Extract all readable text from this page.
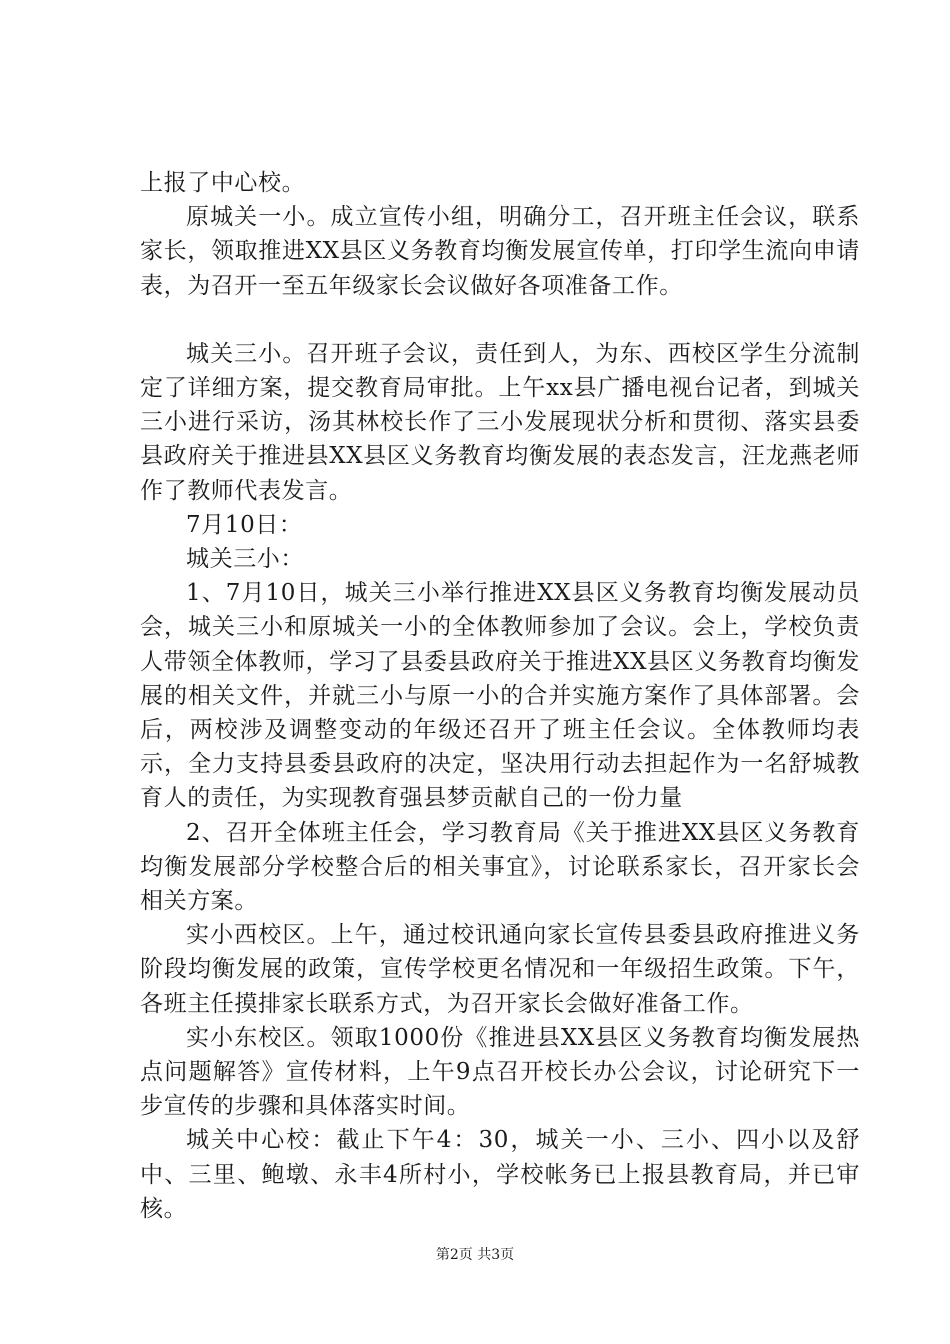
上报了中心校。

原城关一小。成立宣传小组，明确分工，召开班主任会议，联系家长，领取推进XX县区义务教育均衡发展宣传单，打印学生流向申请表，为召开一至五年级家长会议做好各项准备工作。

城关三小。召开班子会议，责任到人，为东、西校区学生分流制定了详细方案，提交教育局审批。上午xx县广播电视台记者，到城关三小进行采访，汤其林校长作了三小发展现状分析和贯彻、落实县委县政府关于推进县XX县区义务教育均衡发展的表态发言，汪龙燕老师作了教师代表发言。

7月10日：

城关三小：

1、7月10日，城关三小举行推进XX县区义务教育均衡发展动员会，城关三小和原城关一小的全体教师参加了会议。会上，学校负责人带领全体教师，学习了县委县政府关于推进XX县区义务教育均衡发展的相关文件，并就三小与原一小的合并实施方案作了具体部署。会后，两校涉及调整变动的年级还召开了班主任会议。全体教师均表示，全力支持县委县政府的决定，坚决用行动去担起作为一名舒城教育人的责任，为实现教育强县梦贡献自己的一份力量

2、召开全体班主任会，学习教育局《关于推进XX县区义务教育均衡发展部分学校整合后的相关事宜》，讨论联系家长，召开家长会相关方案。

实小西校区。上午，通过校讯通向家长宣传县委县政府推进义务阶段均衡发展的政策，宣传学校更名情况和一年级招生政策。下午，各班主任摸排家长联系方式，为召开家长会做好准备工作。

实小东校区。领取1000份《推进县XX县区义务教育均衡发展热点问题解答》宣传材料，上午9点召开校长办公会议，讨论研究下一步宣传的步骤和具体落实时间。

城关中心校：截止下午4：30，城关一小、三小、四小以及舒中、三里、鲍墩、永丰4所村小，学校帐务已上报县教育局，并已审核。

第2页 共3页
